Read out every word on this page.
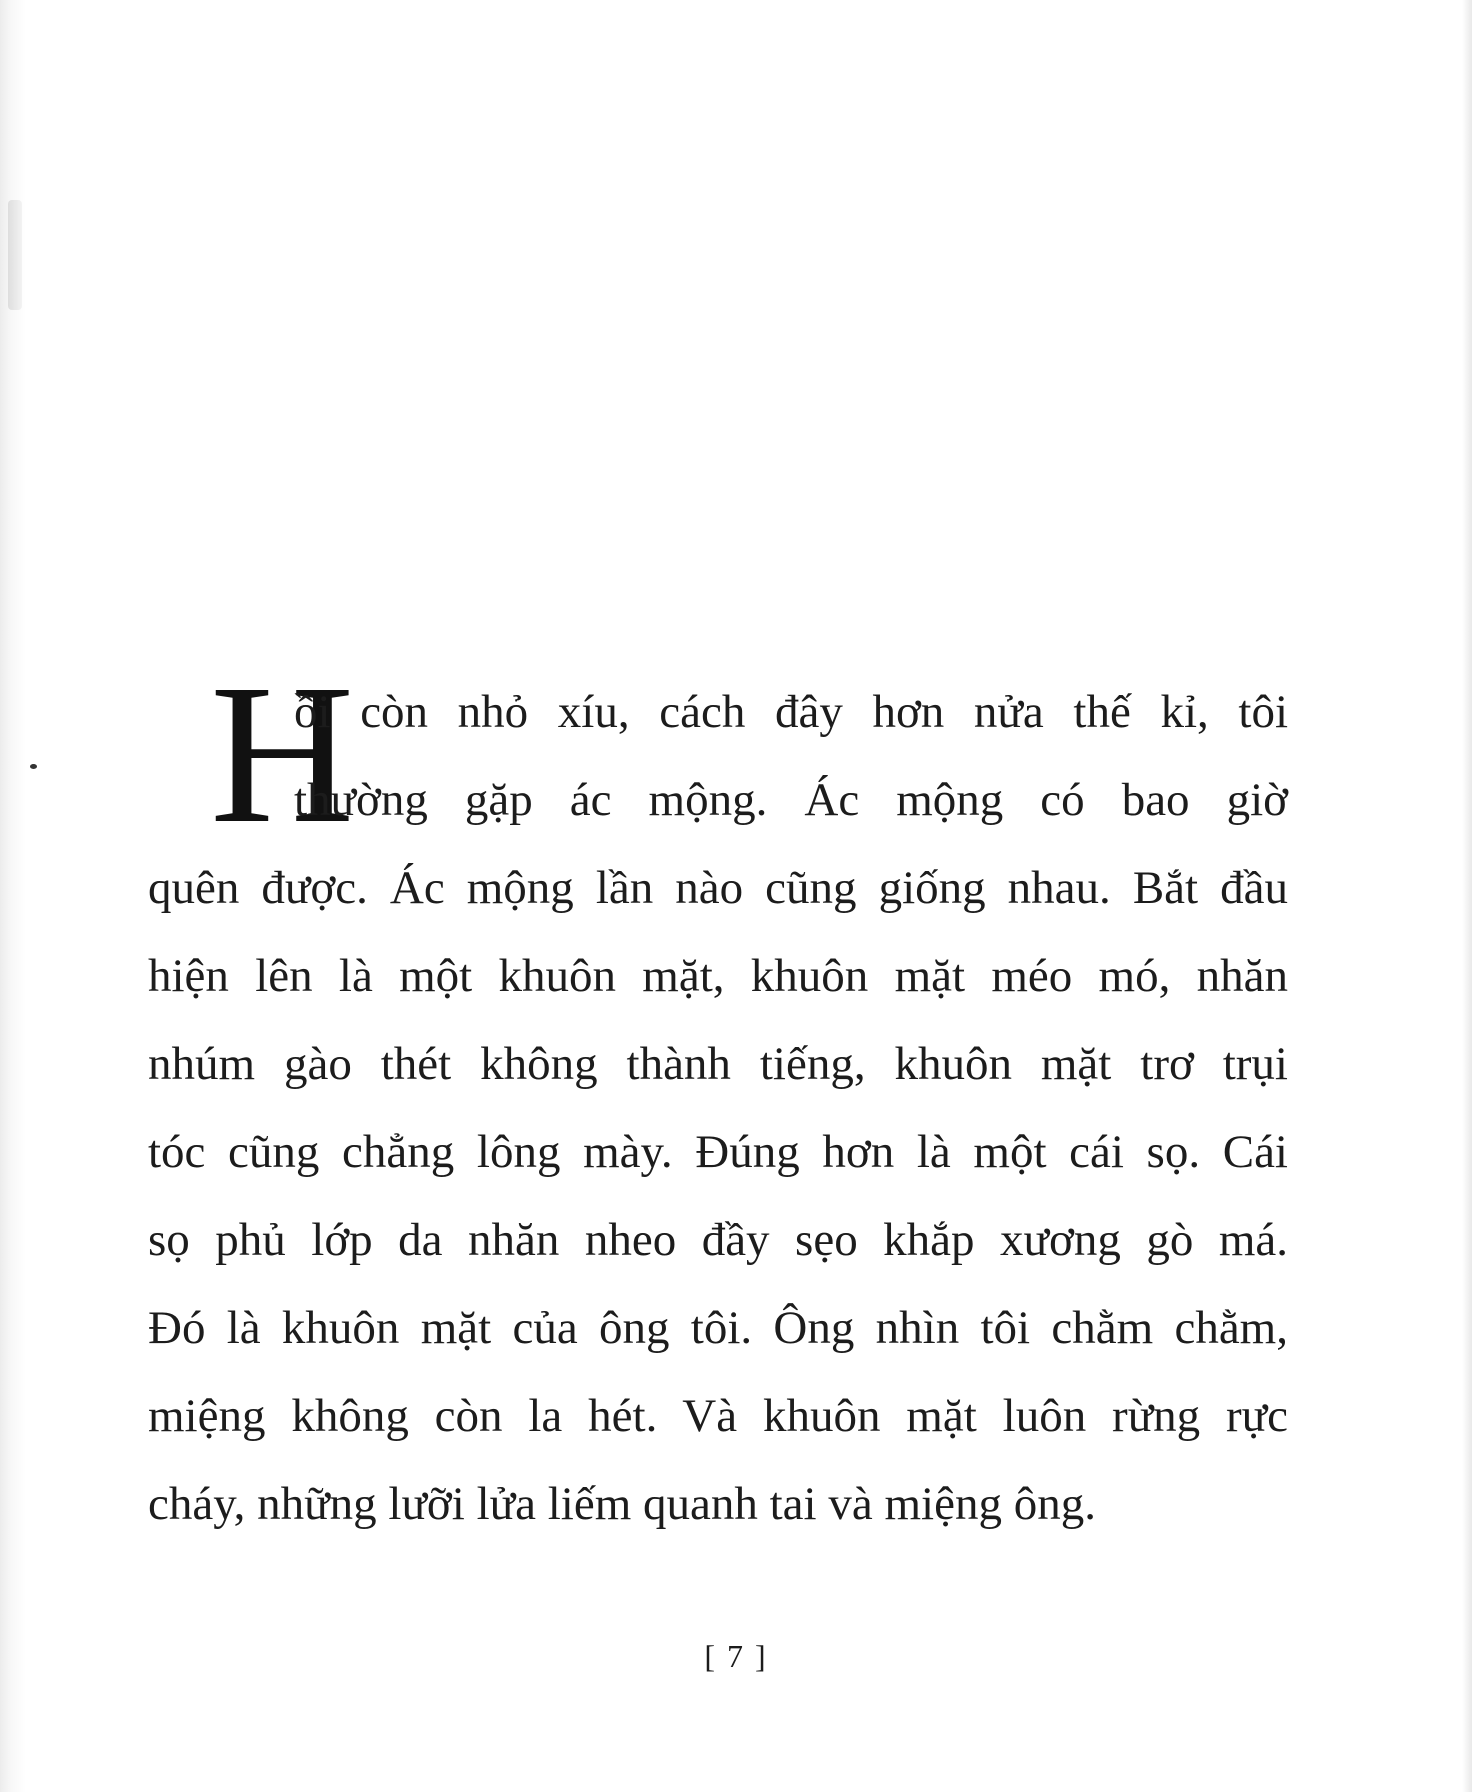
H
ồi còn nhỏ xíu, cách đây hơn nửa thế kỉ, tôi
thường gặp ác mộng. Ác mộng có bao giờ
quên được. Ác mộng lần nào cũng giống nhau. Bắt đầu
hiện lên là một khuôn mặt, khuôn mặt méo mó, nhăn
nhúm gào thét không thành tiếng, khuôn mặt trơ trụi
tóc cũng chẳng lông mày. Đúng hơn là một cái sọ. Cái
sọ phủ lớp da nhăn nheo đầy sẹo khắp xương gò má.
Đó là khuôn mặt của ông tôi. Ông nhìn tôi chằm chằm,
miệng không còn la hét. Và khuôn mặt luôn rừng rực
cháy, những lưỡi lửa liếm quanh tai và miệng ông.
[ 7 ]
